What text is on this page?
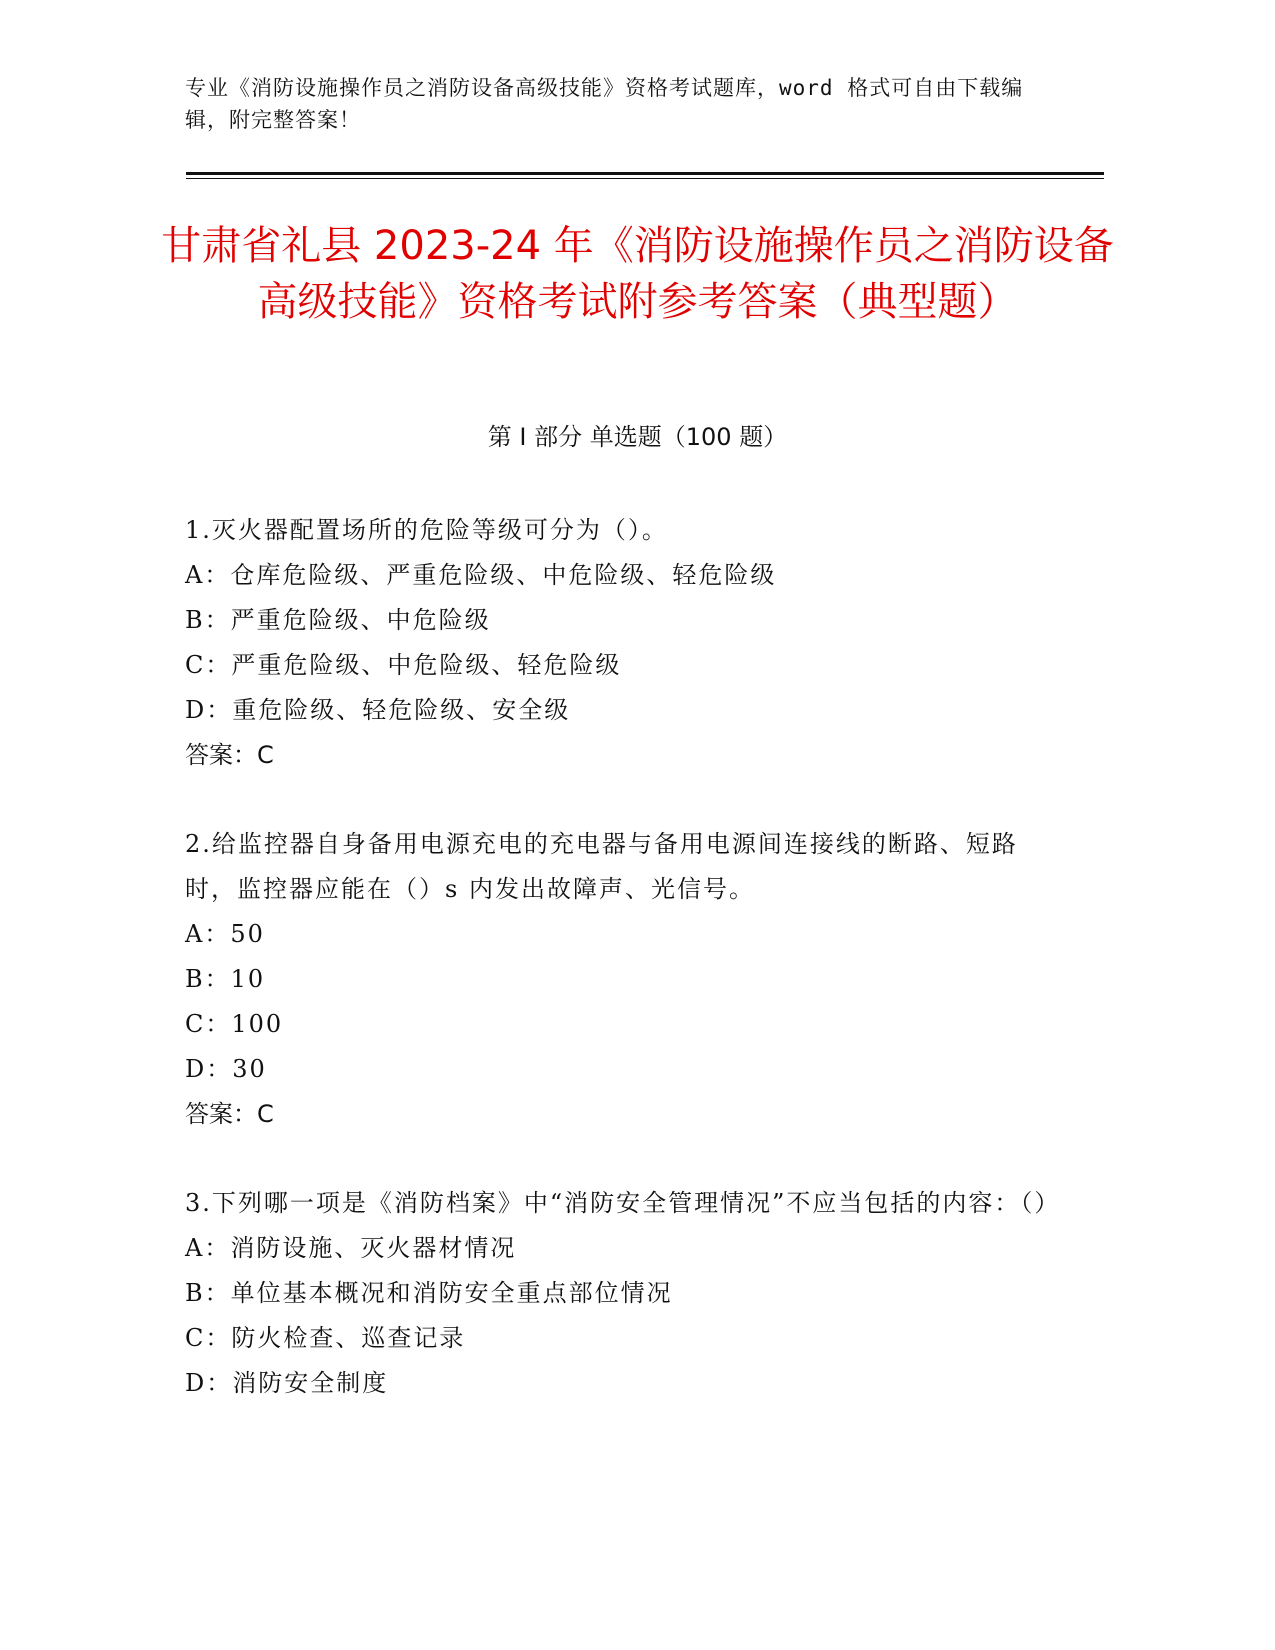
专业《消防设施操作员之消防设备高级技能》资格考试题库，word 格式可自由下载编辑，附完整答案！
甘肃省礼县 2023-24 年《消防设施操作员之消防设备高级技能》资格考试附参考答案（典型题）
第 I 部分 单选题（100 题）
1.灭火器配置场所的危险等级可分为（）。
A：仓库危险级、严重危险级、中危险级、轻危险级
B：严重危险级、中危险级
C：严重危险级、中危险级、轻危险级
D：重危险级、轻危险级、安全级
答案：C
2.给监控器自身备用电源充电的充电器与备用电源间连接线的断路、短路时，监控器应能在（）s 内发出故障声、光信号。
A：50
B：10
C：100
D：30
答案：C
3.下列哪一项是《消防档案》中“消防安全管理情况”不应当包括的内容：（）
A：消防设施、灭火器材情况
B：单位基本概况和消防安全重点部位情况
C：防火检查、巡查记录
D：消防安全制度
